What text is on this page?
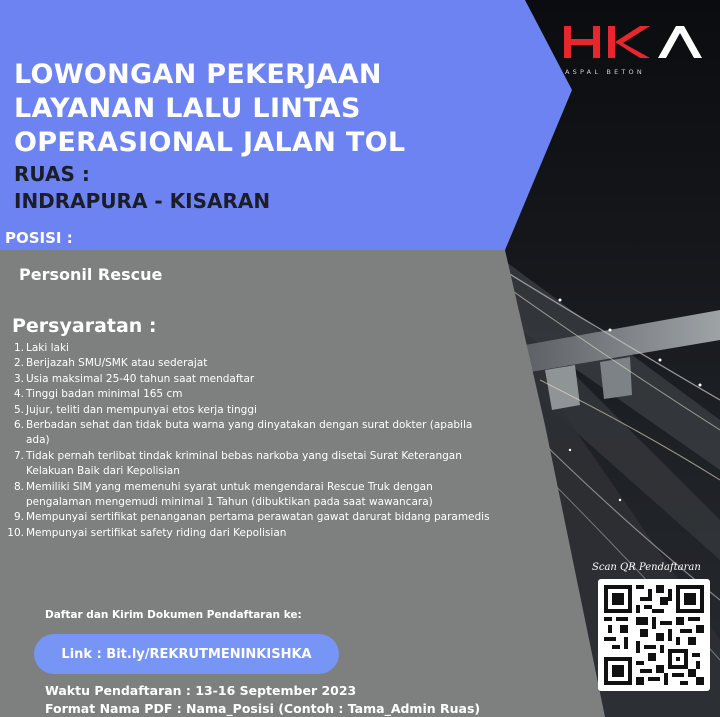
ASPAL BETON

LOWONGAN PEKERJAAN
LAYANAN LALU LINTAS
OPERASIONAL JALAN TOL

RUAS :

INDRAPURA - KISARAN

POSISI :

Personil Rescue

Persyaratan :

1. Laki laki
2. Berijazah SMU/SMK atau sederajat
3. Usia maksimal 25-40 tahun saat mendaftar
4. Tinggi badan minimal 165 cm
5. Jujur, teliti dan mempunyai etos kerja tinggi
6. Berbadan sehat dan tidak buta warna yang dinyatakan dengan surat dokter (apabila
ada)
7. Tidak pernah terlibat tindak kriminal bebas narkoba yang disetai Surat Keterangan
Kelakuan Baik dari Kepolisian
8. Memiliki SIM yang memenuhi syarat untuk mengendarai Rescue Truk dengan
pengalaman mengemudi minimal 1 Tahun (dibuktikan pada saat wawancara)
9. Mempunyai sertifikat penanganan pertama perawatan gawat darurat bidang paramedis
10. Mempunyai sertifikat safety riding dari Kepolisian

Daftar dan Kirim Dokumen Pendaftaran ke:

Link : Bit.ly/REKRUTMENINKISHKA

Waktu Pendaftaran : 13-16 September 2023

Format Nama PDF : Nama_Posisi (Contoh : Tama_Admin Ruas)

Scan QR Pendaftaran
